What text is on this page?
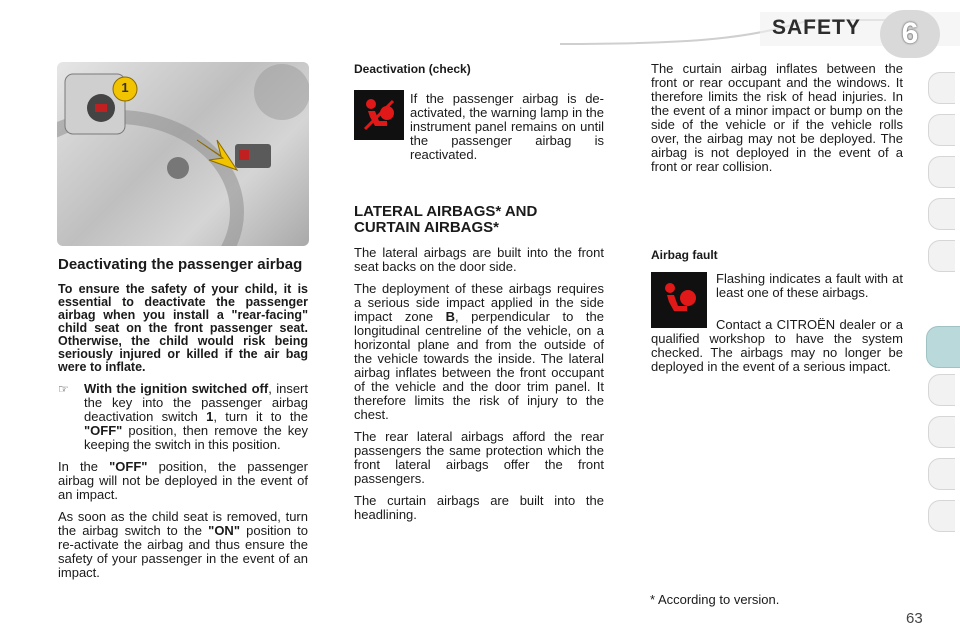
SAFETY 6
1
Deactivating the passenger airbag

To ensure the safety of your child, it is essential to deactivate the passenger airbag when you install a "rear-facing" child seat on the front passenger seat. Otherwise, the child would risk being seriously injured or killed if the air bag were to inflate.

☞	With the ignition switched off, insert the key into the passenger airbag deactivation switch 1, turn it to the "OFF" position, then remove the key keeping the switch in this position.

In the "OFF" position, the passenger airbag will not be deployed in the event of an impact.

As soon as the child seat is removed, turn the airbag switch to the "ON" position to re-activate the airbag and thus ensure the safety of your passenger in the event of an impact.

Deactivation (check)

If the passenger airbag is de-activated, the warning lamp in the instrument panel remains on until the passenger airbag is reactivated.

LATERAL AIRBAGS* AND CURTAIN AIRBAGS*

The lateral airbags are built into the front seat backs on the door side.

The deployment of these airbags requires a serious side impact applied in the side impact zone B, perpendicular to the longitudinal centreline of the vehicle, on a horizontal plane and from the outside of the vehicle towards the inside. The lateral airbag inflates between the front occupant of the vehicle and the door trim panel. It therefore limits the risk of injury to the chest.

The rear lateral airbags afford the rear passengers the same protection which the front lateral airbags offer the front passengers.

The curtain airbags are built into the headlining.

The curtain airbag inflates between the front or rear occupant and the windows. It therefore limits the risk of head injuries. In the event of a minor impact or bump on the side of the vehicle or if the vehicle rolls over, the airbag may not be deployed. The airbag is not deployed in the event of a front or rear collision.

Airbag fault

Flashing indicates a fault with at least one of these airbags.

Contact a CITROËN dealer or a qualified workshop to have the system checked. The airbags may no longer be deployed in the event of a serious impact.

* According to version.
63
